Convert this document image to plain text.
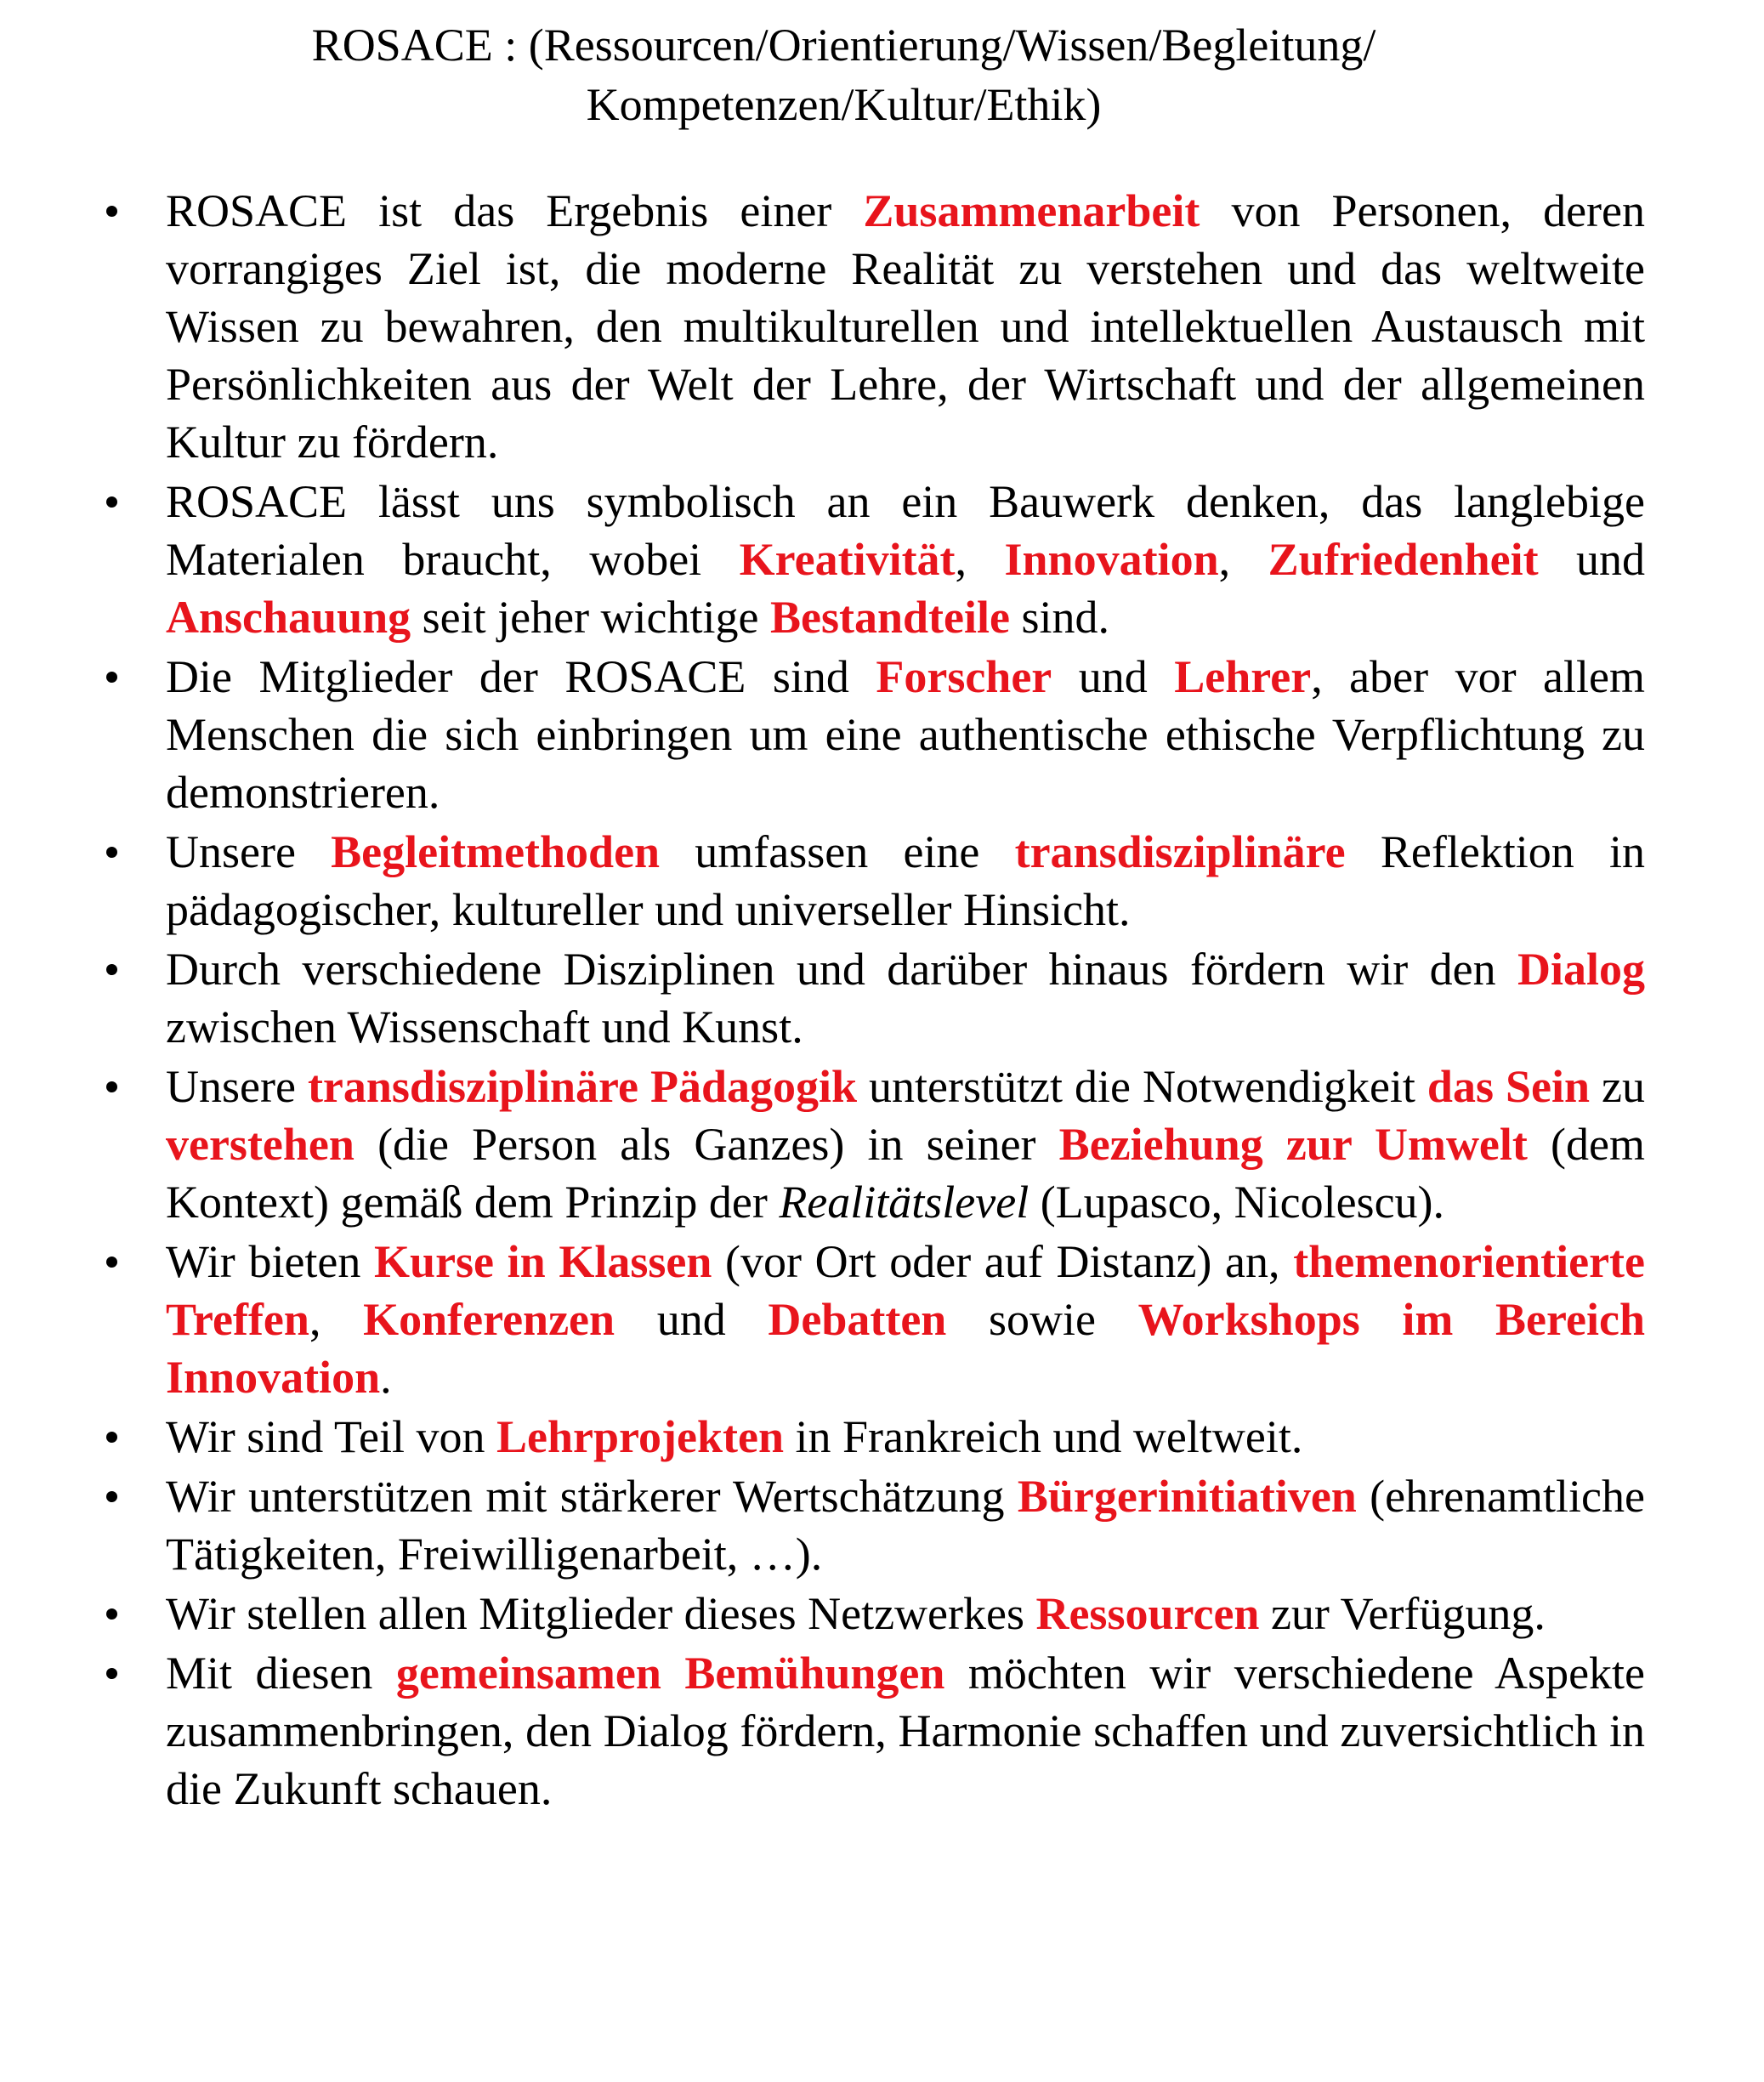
ROSACE : (Ressourcen/Orientierung/Wissen/Begleitung/
Kompetenzen/Kultur/Ethik)
ROSACE ist das Ergebnis einer Zusammenarbeit von Personen, deren vorrangiges Ziel ist, die moderne Realität zu verstehen und das weltweite Wissen zu bewahren, den multikulturellen und intellektuellen Austausch mit Persönlichkeiten aus der Welt der Lehre, der Wirtschaft und der allgemeinen Kultur zu fördern.
ROSACE lässt uns symbolisch an ein Bauwerk denken, das langlebige Materialen braucht, wobei Kreativität, Innovation, Zufriedenheit und Anschauung seit jeher wichtige Bestandteile sind.
Die Mitglieder der ROSACE sind Forscher und Lehrer, aber vor allem Menschen die sich einbringen um eine authentische ethische Verpflichtung zu demonstrieren.
Unsere Begleitmethoden umfassen eine transdisziplinäre Reflektion in pädagogischer, kultureller und universeller Hinsicht.
Durch verschiedene Disziplinen und darüber hinaus fördern wir den Dialog zwischen Wissenschaft und Kunst.
Unsere transdisziplinäre Pädagogik unterstützt die Notwendigkeit das Sein zu verstehen (die Person als Ganzes) in seiner Beziehung zur Umwelt (dem Kontext) gemäß dem Prinzip der Realitätslevel (Lupasco, Nicolescu).
Wir bieten Kurse in Klassen (vor Ort oder auf Distanz) an, themenorientierte Treffen, Konferenzen und Debatten sowie Workshops im Bereich Innovation.
Wir sind Teil von Lehrprojekten in Frankreich und weltweit.
Wir unterstützen mit stärkerer Wertschätzung Bürgerinitiativen (ehrenamtliche Tätigkeiten, Freiwilligenarbeit, …).
Wir stellen allen Mitglieder dieses Netzwerkes Ressourcen zur Verfügung.
Mit diesen gemeinsamen Bemühungen möchten wir verschiedene Aspekte zusammenbringen, den Dialog fördern, Harmonie schaffen und zuversichtlich in die Zukunft schauen.
